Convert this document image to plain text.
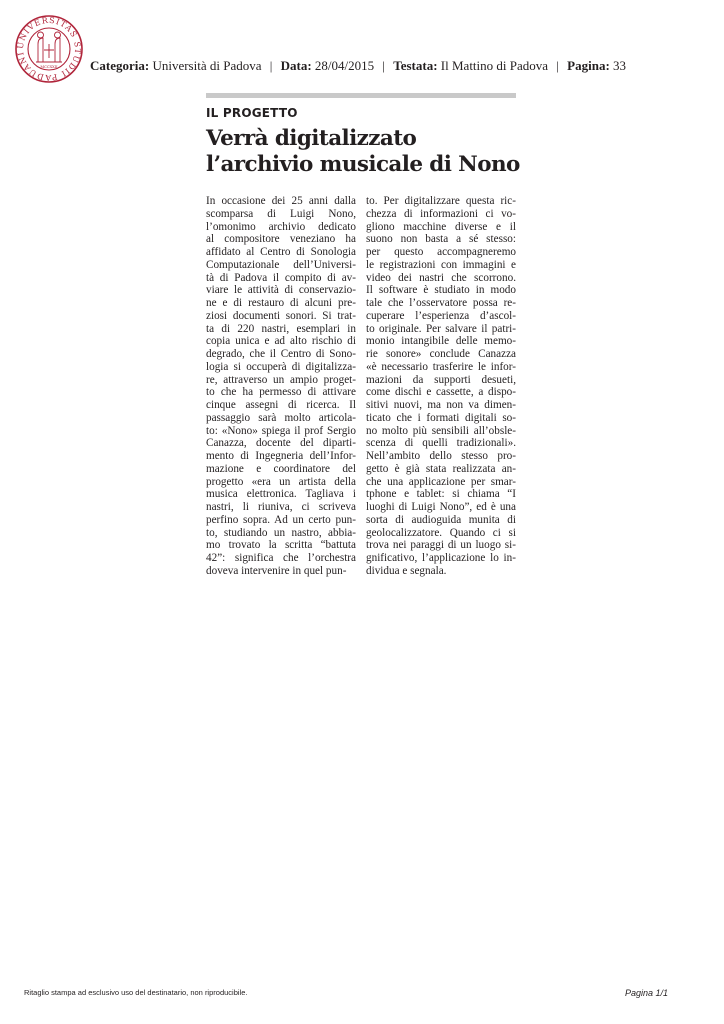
UNIVERSITAS STUDII PADUANI
MCCXXII Categoria: Università di Padova | Data: 28/04/2015 | Testata: Il Mattino di Padova | Pagina: 33
IL PROGETTO
Verrà digitalizzato
l’archivio musicale di Nono
In occasione dei 25 anni dalla
scomparsa di Luigi Nono,
l’omonimo archivio dedicato
al compositore veneziano ha
affidato al Centro di Sonologia
Computazionale dell’Universi-
tà di Padova il compito di av-
viare le attività di conservazio-
ne e di restauro di alcuni pre-
ziosi documenti sonori. Si trat-
ta di 220 nastri, esemplari in
copia unica e ad alto rischio di
degrado, che il Centro di Sono-
logia si occuperà di digitalizza-
re, attraverso un ampio proget-
to che ha permesso di attivare
cinque assegni di ricerca. Il
passaggio sarà molto articola-
to: «Nono» spiega il prof Sergio
Canazza, docente del diparti-
mento di Ingegneria dell’Infor-
mazione e coordinatore del
progetto «era un artista della
musica elettronica. Tagliava i
nastri, li riuniva, ci scriveva
perfino sopra. Ad un certo pun-
to, studiando un nastro, abbia-
mo trovato la scritta “battuta
42”: significa che l’orchestra
doveva intervenire in quel pun-
to. Per digitalizzare questa ric-
chezza di informazioni ci vo-
gliono macchine diverse e il
suono non basta a sé stesso:
per questo accompagneremo
le registrazioni con immagini e
video dei nastri che scorrono.
Il software è studiato in modo
tale che l’osservatore possa re-
cuperare l’esperienza d’ascol-
to originale. Per salvare il patri-
monio intangibile delle memo-
rie sonore» conclude Canazza
«è necessario trasferire le infor-
mazioni da supporti desueti,
come dischi e cassette, a dispo-
sitivi nuovi, ma non va dimen-
ticato che i formati digitali so-
no molto più sensibili all’obsle-
scenza di quelli tradizionali».
Nell’ambito dello stesso pro-
getto è già stata realizzata an-
che una applicazione per smar-
tphone e tablet: si chiama “I
luoghi di Luigi Nono”, ed è una
sorta di audioguida munita di
geolocalizzatore. Quando ci si
trova nei paraggi di un luogo si-
gnificativo, l’applicazione lo in-
dividua e segnala.
Ritaglio stampa ad esclusivo uso del destinatario, non riproducibile.	Pagina 1/1
